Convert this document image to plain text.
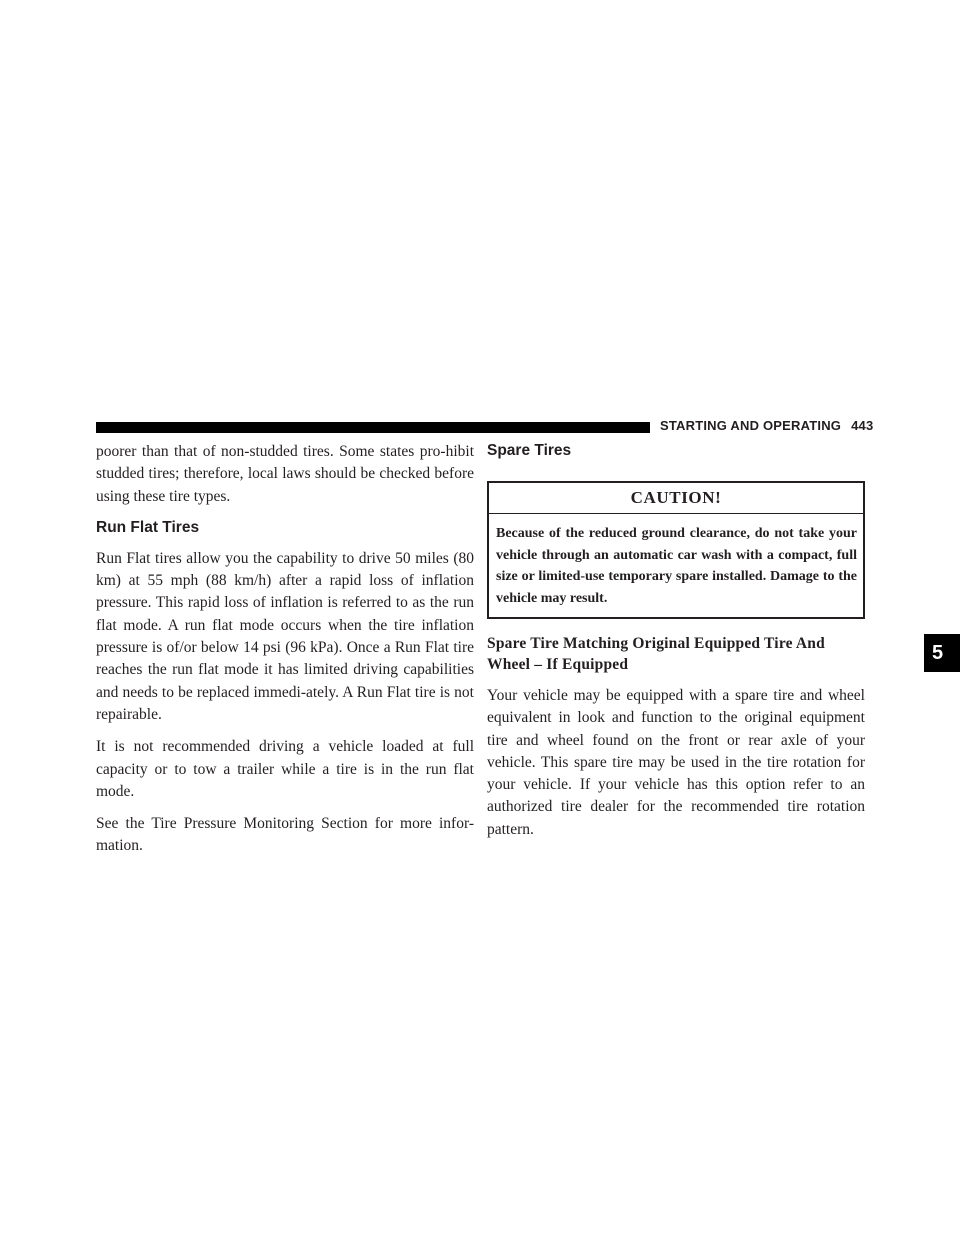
STARTING AND OPERATING 443
5

poorer than that of non-studded tires. Some states pro-hibit studded tires; therefore, local laws should be checked before using these tire types.

Run Flat Tires

Run Flat tires allow you the capability to drive 50 miles (80 km) at 55 mph (88 km/h) after a rapid loss of inflation pressure. This rapid loss of inflation is referred to as the run flat mode. A run flat mode occurs when the tire inflation pressure is of/or below 14 psi (96 kPa). Once a Run Flat tire reaches the run flat mode it has limited driving capabilities and needs to be replaced immedi-ately. A Run Flat tire is not repairable.

It is not recommended driving a vehicle loaded at full capacity or to tow a trailer while a tire is in the run flat mode.

See the Tire Pressure Monitoring Section for more infor-mation.

Spare Tires
CAUTION!
Because of the reduced ground clearance, do not take your vehicle through an automatic car wash with a compact, full size or limited-use temporary spare installed. Damage to the vehicle may result.
Spare Tire Matching Original Equipped Tire And Wheel – If Equipped

Your vehicle may be equipped with a spare tire and wheel equivalent in look and function to the original equipment tire and wheel found on the front or rear axle of your vehicle. This spare tire may be used in the tire rotation for your vehicle. If your vehicle has this option refer to an authorized tire dealer for the recommended tire rotation pattern.
